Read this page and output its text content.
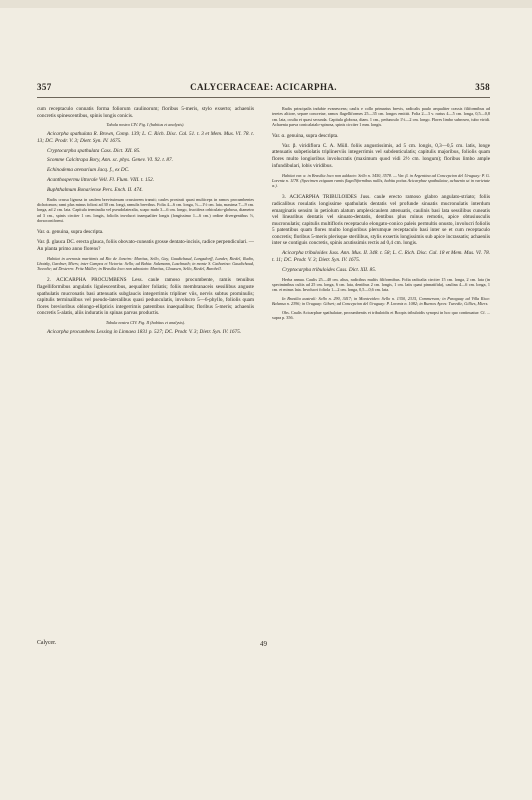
357	CALYCERACEAE: ACICARPHA.	358

cum receptaculo connatis forma foliorum caulinorum; floribus 5-meris, stylo exserto; achaeniis concretis spinescentibus, spinis longis conicis.

Tabula nostra CIV. Fig. I (habitus et analysis).

Acicarpha spathulata R. Brown, Comp. 139; L. C. Rich. Disc. Cal. 51. t. 3 et Mem. Mus. VI. 78. t. 13; DC. Prodr. V. 3; Dietr. Syn. IV. 1675.

Cryptocarpha spathulata Cass. Dict. XII. 85.

Scomme Calcitrapa Bory, Ann. sc. phys. Genev. VI. 92. t. 87.

Echinodema arenarium Jacq. f., ex DC.

Acanthospermu littorale Vell. Fl. Flum. VIII. t. 152.

Buphthalmum Bonariense Pers. Ench. II. 474.

Radix crassa lignosa in caulem brevissimum crassiorem transit; caules prostrati quasi multiceps in ramos procumbentes dichotomos; rami plus minus foliosi ad 30 cm. longi, ramulis brevibus. Folia 4—6 cm. longa, ⅓—1½ cm. lata, maxima 7—9 cm. longa, ad 2 cm. lata. Capitula terminalia vel pseudolateralia, scapo nudo 3—6 cm. longo, fructifera orbiculato-globosa, diametro ad 3 cm., spinis circiter 1 cm. longis, foliolis involucri inaequaliter longis (longissimo 1—6 cm.) ordine divergentibus ⅓, dorsoconiformi.

Var. α. genuina, supra descripta.

Var. β. glauca DC. erecta glauca, foliis obovato-cuneatis grosse dentato-incisis, radice perpendiculari. — An planta primo anno florens?

Habitat in arenosis maritimis ad Rio de Janeiro: Martius, Sello, Gay, Gaudichaud, Langsdorff, Lunder, Riedel, Rudio, Lhotzky, Gardner, Miers; inter Campos et Victoria: Sello; ad Bahia: Salzmann, Luschnath; in monte S. Catharina: Gaudichaud, Tweedie; ad Desterro: Fritz Müller; in Brasilia loco non adnotato: Martius, Claussen, Sello, Riedel, Burchell.

2. ACICARPHA PROCUMBENS Less. caule ramoso procumbente, ramis tenuibus flagelliformibus angulatis ligulescentibus, aequaliter foliatis; foliis membranaceis sessilibus anguste spathulatis mucronatis basi attenuatis subglaucis integerrimis tripliner viis, nervis subtus prominulis; capitulis terminalibus vel pseudo-lateralibus quasi pedunculatis, involucro 5—6-phyllo, foliolis quam flores brevioribus oblongo-ellipticis integerrimis patentibus inaequalibus; floribus 5-meris; achaeniis concretis 5-alatis, aliis induratis in spinas parvas productis.

Tabula nostra CIV. Fig. II (habitus et analysis).

Acicarpha procumbens Lessing in Linnaea 1831 p. 527; DC. Prodr. V. 3; Dietr. Syn. IV. 1675.

Radix principalis indubie evanescens; caulis e collo primarius brevis, radicalis paulo aequaliter crassis filiformibus ad teretes altiore, separe concretae, ramos flagelliformes 25—35 cm. longos emittit. Folia 2—3 v. rarius 4—5 cm. longa, 0,5—0,8 cm. lata, oculta et quasi secunda. Capitula globosa, diam. 1 cm., pedunculo 1½—2 cm. longo. Flores limbo subroseo, tubo viridi. Achaenia parva conicalatalo-spinosa, spinis circiter 1 mm. longis.

Var. α. genuina, supra descripta.

Var. β. viridiflora C. A. Müll. foliis angustissimis, ad 5 cm. longis, 0,3—0,5 cm. latis, longe attenuatis subpetiolatis triplinerviis integerrimis vel subdenticulatis; capitulis majoribus, foliolis quam flores multo longioribus involucratis (maximum quod vidi 2½ cm. longum); floribus limbo ample infundibulari, lobis viridibus.

Habitat var. α. in Brasilia loco non adducto: Sello n. 3450, 3578. — Var. β. in Argentina ad Concepcion del Uruguay: P. G. Lorentz n. 1178. (Specimen exiguum ramis flagelliformibus nullis, habitu potius Acicarphae spathulatae, achaenio ut in varietate α.).

3. ACICARPHA TRIBULOIDES Juss. caule erecto ramoso glabro angulato-striato; foliis radicalibus rosulatis longissime spathulatis dentatis vel profunde sinuatis mucronulatis interdum emarginatis sensim in petiolum alatum amplexicaulem attenuatis, caulinis basi lata sessilibus cuneatis vel linearibus dentatis vel sinuato-dentatis, dentibus plus minus remotis, apice obtusiusculis mucronulatis; capitulis multifloris receptaculo elongato-conico paleis permultis onusto, involucri foliolis 5 patentibus quam flores multo longioribus plerumque receptaculo basi inter se et cum receptaculo concretis; floribus 5-meris plerisque sterilibus, stylis exsertis longissimis sub apice incrassatis; achaeniis inter se contiguis concretis, spinis acutissimis rectis ad 0,4 cm. longis.

Acicarpha tribuloides Juss. Ann. Mus. II. 348. t. 58; L. C. Rich. Disc. Cal. 18 et Mem. Mus. VI. 78. t. 11; DC. Prodr. V. 3; Dietr. Syn. IV. 1675.

Cryptocarpha tribuloides Cass. Dict. XII. 85.

Herba annua. Caulis 25—40 cm. altus, radicibus multis filiformibus. Folia radicalia circiter 15 cm. longa, 2 cm. lata (in speciminibus cultis ad 25 cm. longa, 6 cm. lata, dentibus 2 cm. longis, 1 cm. latis quasi pinnatifida), caulina 4—6 cm. longa, 1 cm. et minus lata. Involucri foliola 1—2 cm. longa, 0,5—0,6 cm. lata.

In Brasilia australi: Sello n. 290, 3417; in Montevideo: Sello n. 1350, 2315, Commerson; in Paraguay ad Villa Rica: Balansa n. 2396; in Uruguay: Gibert; ad Concepcion del Uruguay: P. Lorentz n. 1082; in Buenos Ayres: Tweedie, Gillies, Miers.

Obs. Caulis Acicarphae spathulatae, procumbentis et tribuloidis et Boopis tribuloidis synopsi in hoc quo continuatur: Cf. ... supra p. 356.

Calycer.	49
